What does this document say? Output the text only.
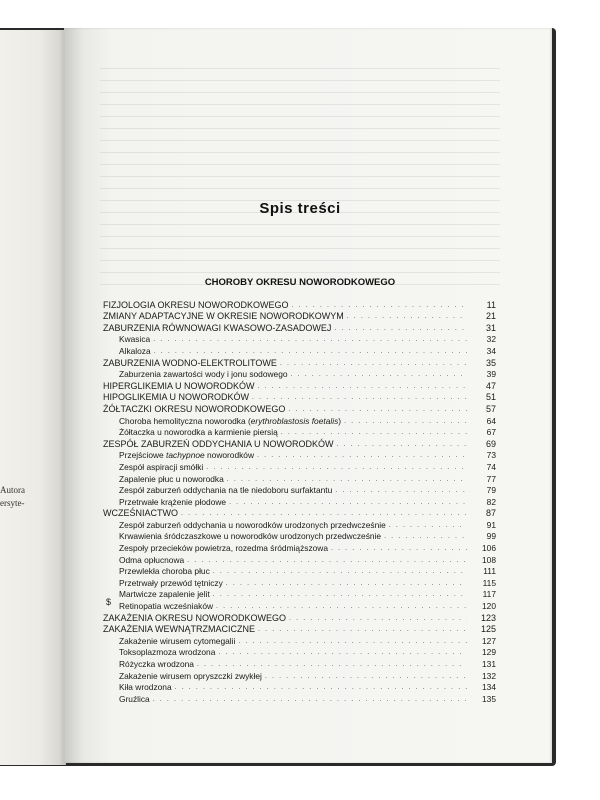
Autora
ersyte-
Spis treści
CHOROBY OKRESU NOWORODKOWEGO
FIZJOLOGIA OKRESU NOWORODKOWEGO . . .	11
ZMIANY ADAPTACYJNE W OKRESIE NOWORODKOWYM . . .	21
ZABURZENIA RÓWNOWAGI KWASOWO-ZASADOWEJ . . .	31
Kwasica . . .	32
Alkaloza . . .	34
ZABURZENIA WODNO-ELEKTROLITOWE . . .	35
Zaburzenia zawartości wody i jonu sodowego . . .	39
HIPERGLIKEMIA U NOWORODKÓW . . .	47
HIPOGLIKEMIA U NOWORODKÓW . . .	51
ŻÓŁTACZKI OKRESU NOWORODKOWEGO . . .	57
Choroba hemolityczna noworodka (erythroblastosis foetalis) . . .	64
Żółtaczka u noworodka a karmienie piersią . . .	67
ZESPÓŁ ZABURZEŃ ODDYCHANIA U NOWORODKÓW . . .	69
Przejściowe tachypnoe noworodków . . .	73
Zespół aspiracji smółki . . .	74
Zapalenie płuc u noworodka . . .	77
Zespół zaburzeń oddychania na tle niedoboru surfaktantu . . .	79
Przetrwałe krążenie płodowe . . .	82
WCZEŚNIACTWO . . .	87
Zespół zaburzeń oddychania u noworodków urodzonych przedwcześnie . . .	91
Krwawienia śródczaszkowe u noworodków urodzonych przedwcześnie . . .	99
Zespoły przecieków powietrza, rozedma śródmiąższowa . . .	106
Odma opłucnowa . . .	108
Przewlekła choroba płuc . . .	111
Przetrwały przewód tętniczy . . .	115
Martwicze zapalenie jelit . . .	117
Retinopatia wcześniaków . . .	120
ZAKAŻENIA OKRESU NOWORODKOWEGO . . .	123
ZAKAŻENIA WEWNĄTRZMACICZNE . . .	125
Zakażenie wirusem cytomegalii . . .	127
Toksoplazmoza wrodzona . . .	129
Różyczka wrodzona . . .	131
Zakażenie wirusem opryszczki zwykłej . . .	132
Kiła wrodzona . . .	134
Gruźlica . . .	135
$
